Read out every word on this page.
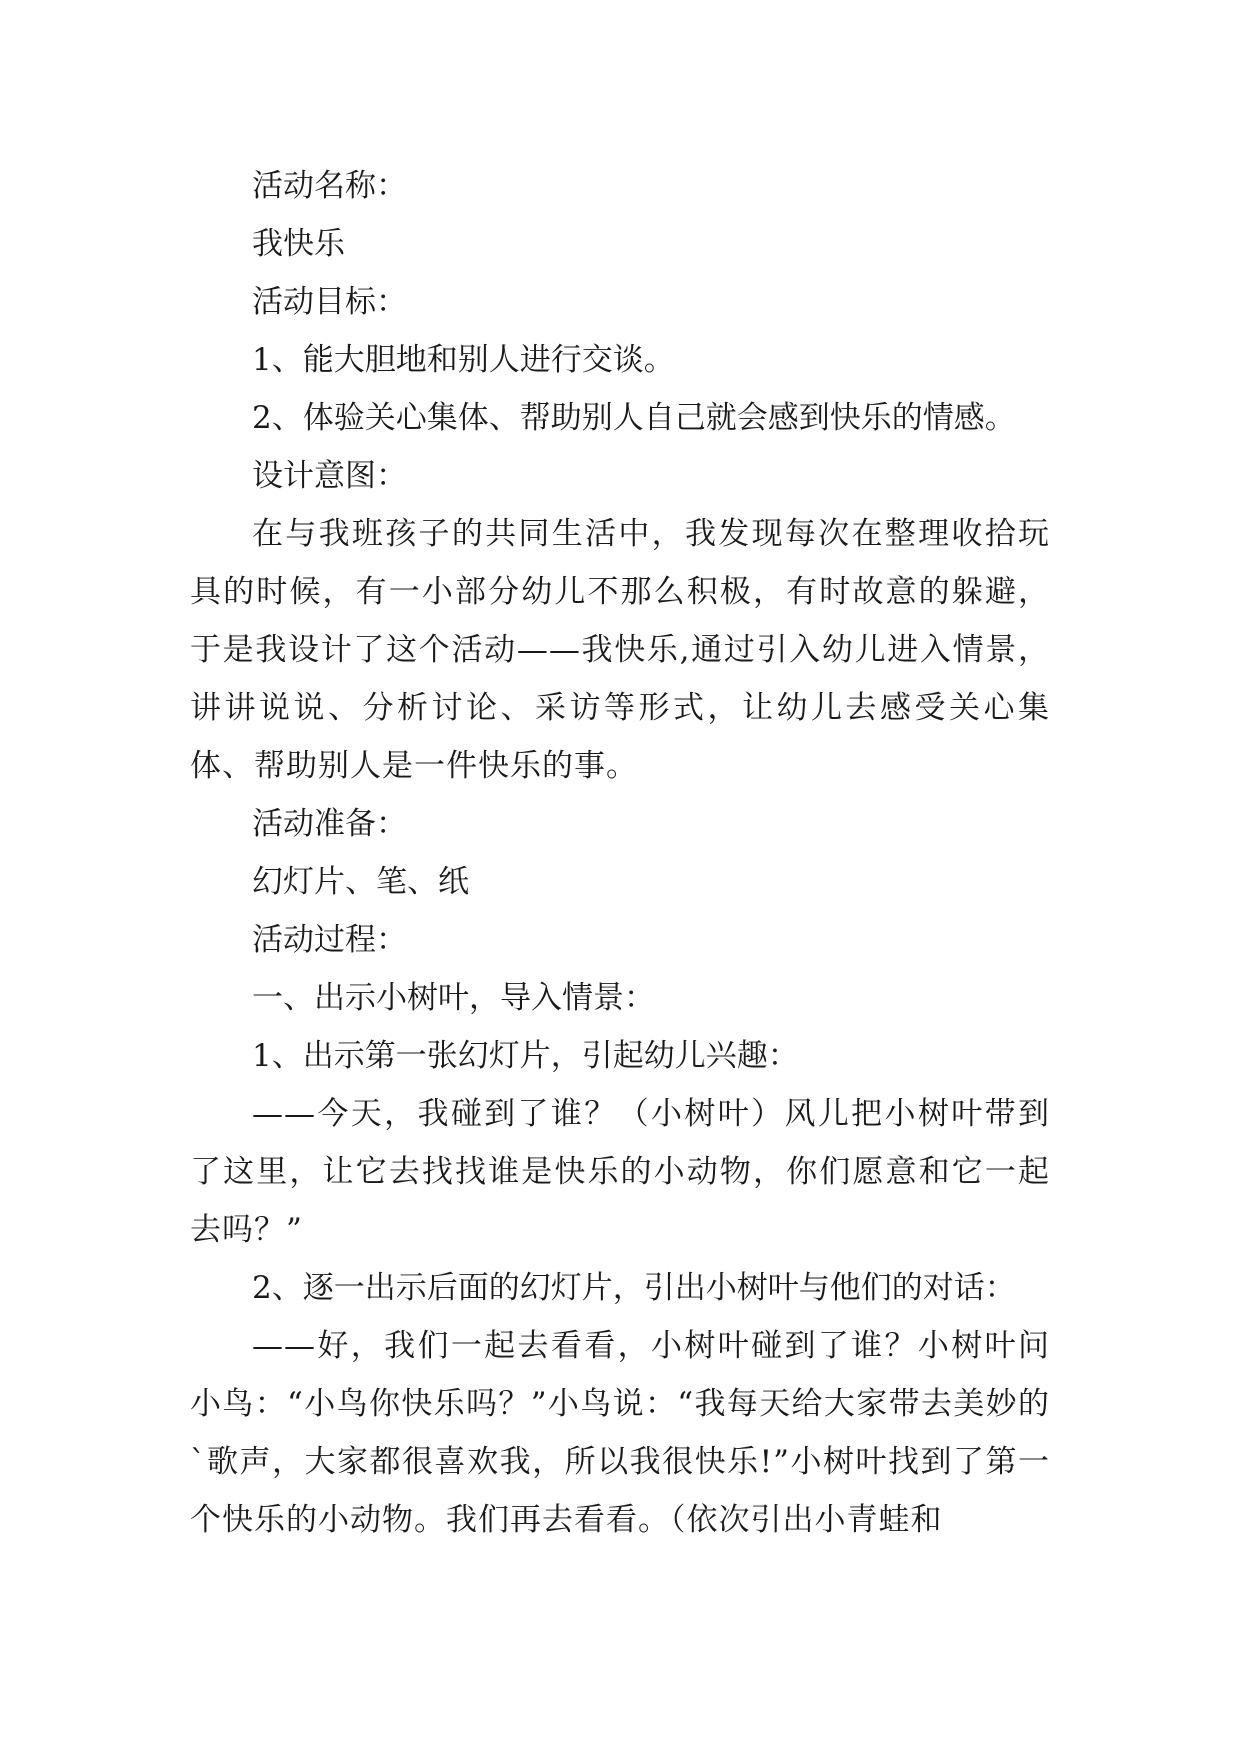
活动名称：
我快乐
活动目标：
1、能大胆地和别人进行交谈。
2、体验关心集体、帮助别人自己就会感到快乐的情感。
设计意图：

在与我班孩子的共同生活中，我发现每次在整理收拾玩具的时候，有一小部分幼儿不那么积极，有时故意的躲避，于是我设计了这个活动——我快乐,通过引入幼儿进入情景，讲讲说说、分析讨论、采访等形式，让幼儿去感受关心集体、帮助别人是一件快乐的事。

活动准备：
幻灯片、笔、纸
活动过程：
一、出示小树叶，导入情景：
1、出示第一张幻灯片，引起幼儿兴趣：

——今天，我碰到了谁？（小树叶）风儿把小树叶带到了这里，让它去找找谁是快乐的小动物，你们愿意和它一起去吗？”

2、逐一出示后面的幻灯片，引出小树叶与他们的对话：

——好，我们一起去看看，小树叶碰到了谁？小树叶问小鸟：“小鸟你快乐吗？”小鸟说：“我每天给大家带去美妙的`歌声，大家都很喜欢我，所以我很快乐!”小树叶找到了第一个快乐的小动物。我们再去看看。（依次引出小青蛙和
